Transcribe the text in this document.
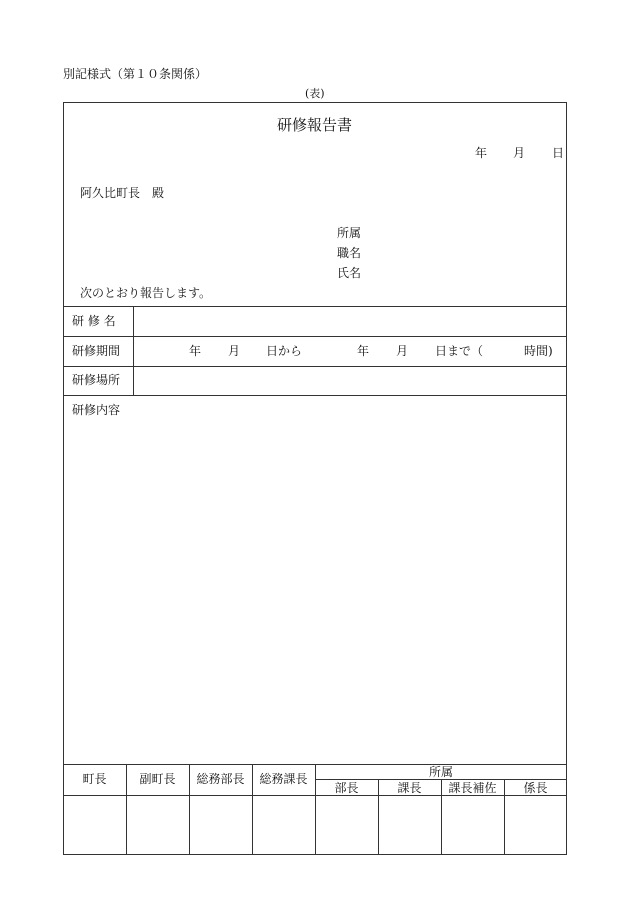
別記様式（第１０条関係）
(表)
研修報告書
年 月 日
阿久比町長　殿
所属
職名
氏名
次のとおり報告します。
研 修 名
研修期間	年 月 日から	年 月 日まで（	時間)
研修場所
研修内容
町長	副町長	総務部長	総務課長	所属
部長	課長	課長補佐	係長
